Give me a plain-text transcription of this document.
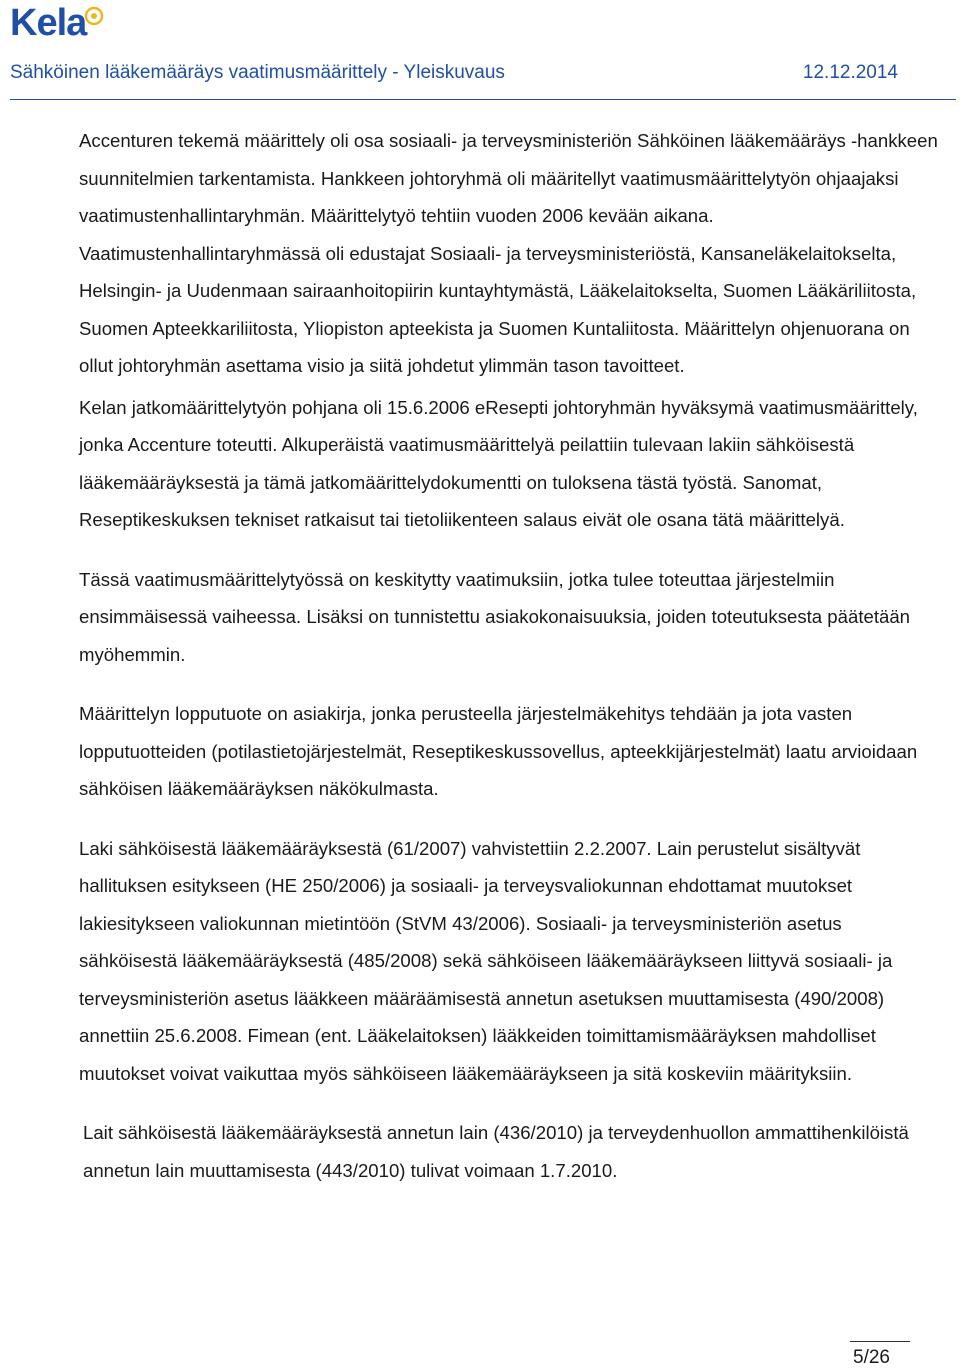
Kela
Sähköinen lääkemääräys vaatimusmäärittely - Yleiskuvaus	12.12.2014

Accenturen tekemä määrittely oli osa sosiaali- ja terveysministeriön Sähköinen lääkemääräys -hankkeen suunnitelmien tarkentamista. Hankkeen johtoryhmä oli määritellyt vaatimusmäärittelytyön ohjaajaksi vaatimustenhallintaryhmän. Määrittelytyö tehtiin vuoden 2006 kevään aikana. Vaatimustenhallintaryhmässä oli edustajat Sosiaali- ja terveysministeriöstä, Kansaneläkelaitokselta, Helsingin- ja Uudenmaan sairaanhoitopiirin kuntayhtymästä, Lääkelaitokselta, Suomen Lääkäriliitosta, Suomen Apteekkariliitosta, Yliopiston apteekista ja Suomen Kuntaliitosta. Määrittelyn ohjenuorana on ollut johtoryhmän asettama visio ja siitä johdetut ylimmän tason tavoitteet.

Kelan jatkomäärittelytyön pohjana oli 15.6.2006 eResepti johtoryhmän hyväksymä vaatimusmäärittely, jonka Accenture toteutti. Alkuperäistä vaatimusmäärittelyä peilattiin tulevaan lakiin sähköisestä lääkemääräyksestä ja tämä jatkomäärittelydokumentti on tuloksena tästä työstä. Sanomat, Reseptikeskuksen tekniset ratkaisut tai tietoliikenteen salaus eivät ole osana tätä määrittelyä.

Tässä vaatimusmäärittelytyössä on keskitytty vaatimuksiin, jotka tulee toteuttaa järjestelmiin ensimmäisessä vaiheessa. Lisäksi on tunnistettu asiakokonaisuuksia, joiden toteutuksesta päätetään myöhemmin.

Määrittelyn lopputuote on asiakirja, jonka perusteella järjestelmäkehitys tehdään ja jota vasten lopputuotteiden (potilastietojärjestelmät, Reseptikeskussovellus, apteekkijärjestelmät) laatu arvioidaan sähköisen lääkemääräyksen näkökulmasta.

Laki sähköisestä lääkemääräyksestä (61/2007) vahvistettiin 2.2.2007. Lain perustelut sisältyvät hallituksen esitykseen (HE 250/2006) ja sosiaali- ja terveysvaliokunnan ehdottamat muutokset lakiesitykseen valiokunnan mietintöön (StVM 43/2006). Sosiaali- ja terveysministeriön asetus sähköisestä lääkemääräyksestä (485/2008) sekä sähköiseen lääkemääräykseen liittyvä sosiaali- ja terveysministeriön asetus lääkkeen määräämisestä annetun asetuksen muuttamisesta (490/2008) annettiin 25.6.2008. Fimean (ent. Lääkelaitoksen) lääkkeiden toimittamismääräyksen mahdolliset muutokset voivat vaikuttaa myös sähköiseen lääkemääräykseen ja sitä koskeviin määrityksiin.

Lait sähköisestä lääkemääräyksestä annetun lain (436/2010) ja terveydenhuollon ammattihenkilöistä annetun lain muuttamisesta (443/2010) tulivat voimaan 1.7.2010.

5/26
